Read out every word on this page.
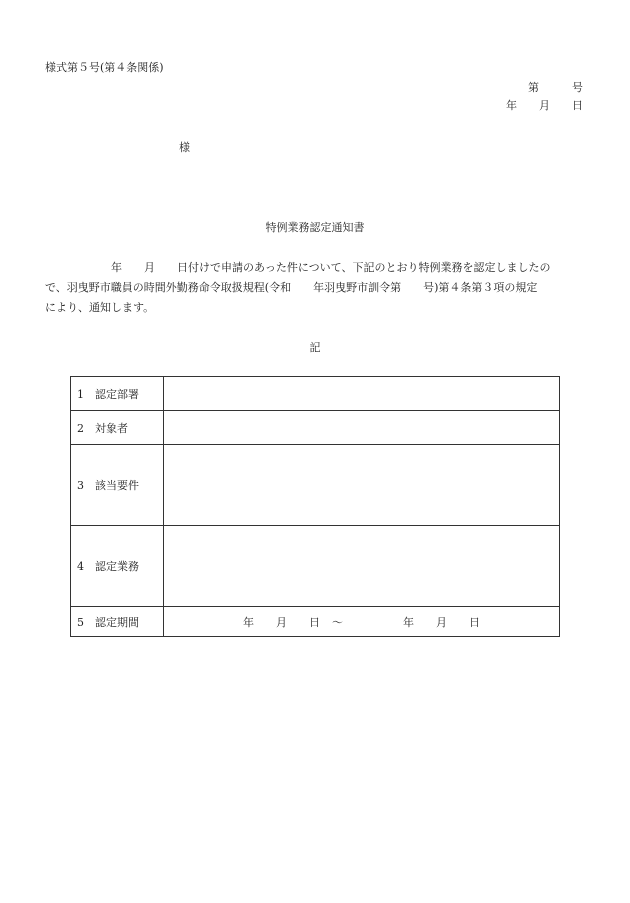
様式第５号(第４条関係)
第　　　号
年　　月　　日
様
特例業務認定通知書
　　　　　　年　　月　　日付けで申請のあった件について、下記のとおり特例業務を認定しましたの
で、羽曳野市職員の時間外勤務命令取扱規程(令和　　年羽曳野市訓令第　　号)第４条第３項の規定
により、通知します。
記
1　認定部署	
2　対象者	
3　該当要件	
4　認定業務	
5　認定期間	年　　月　　日 ～ 年　　月　　日
